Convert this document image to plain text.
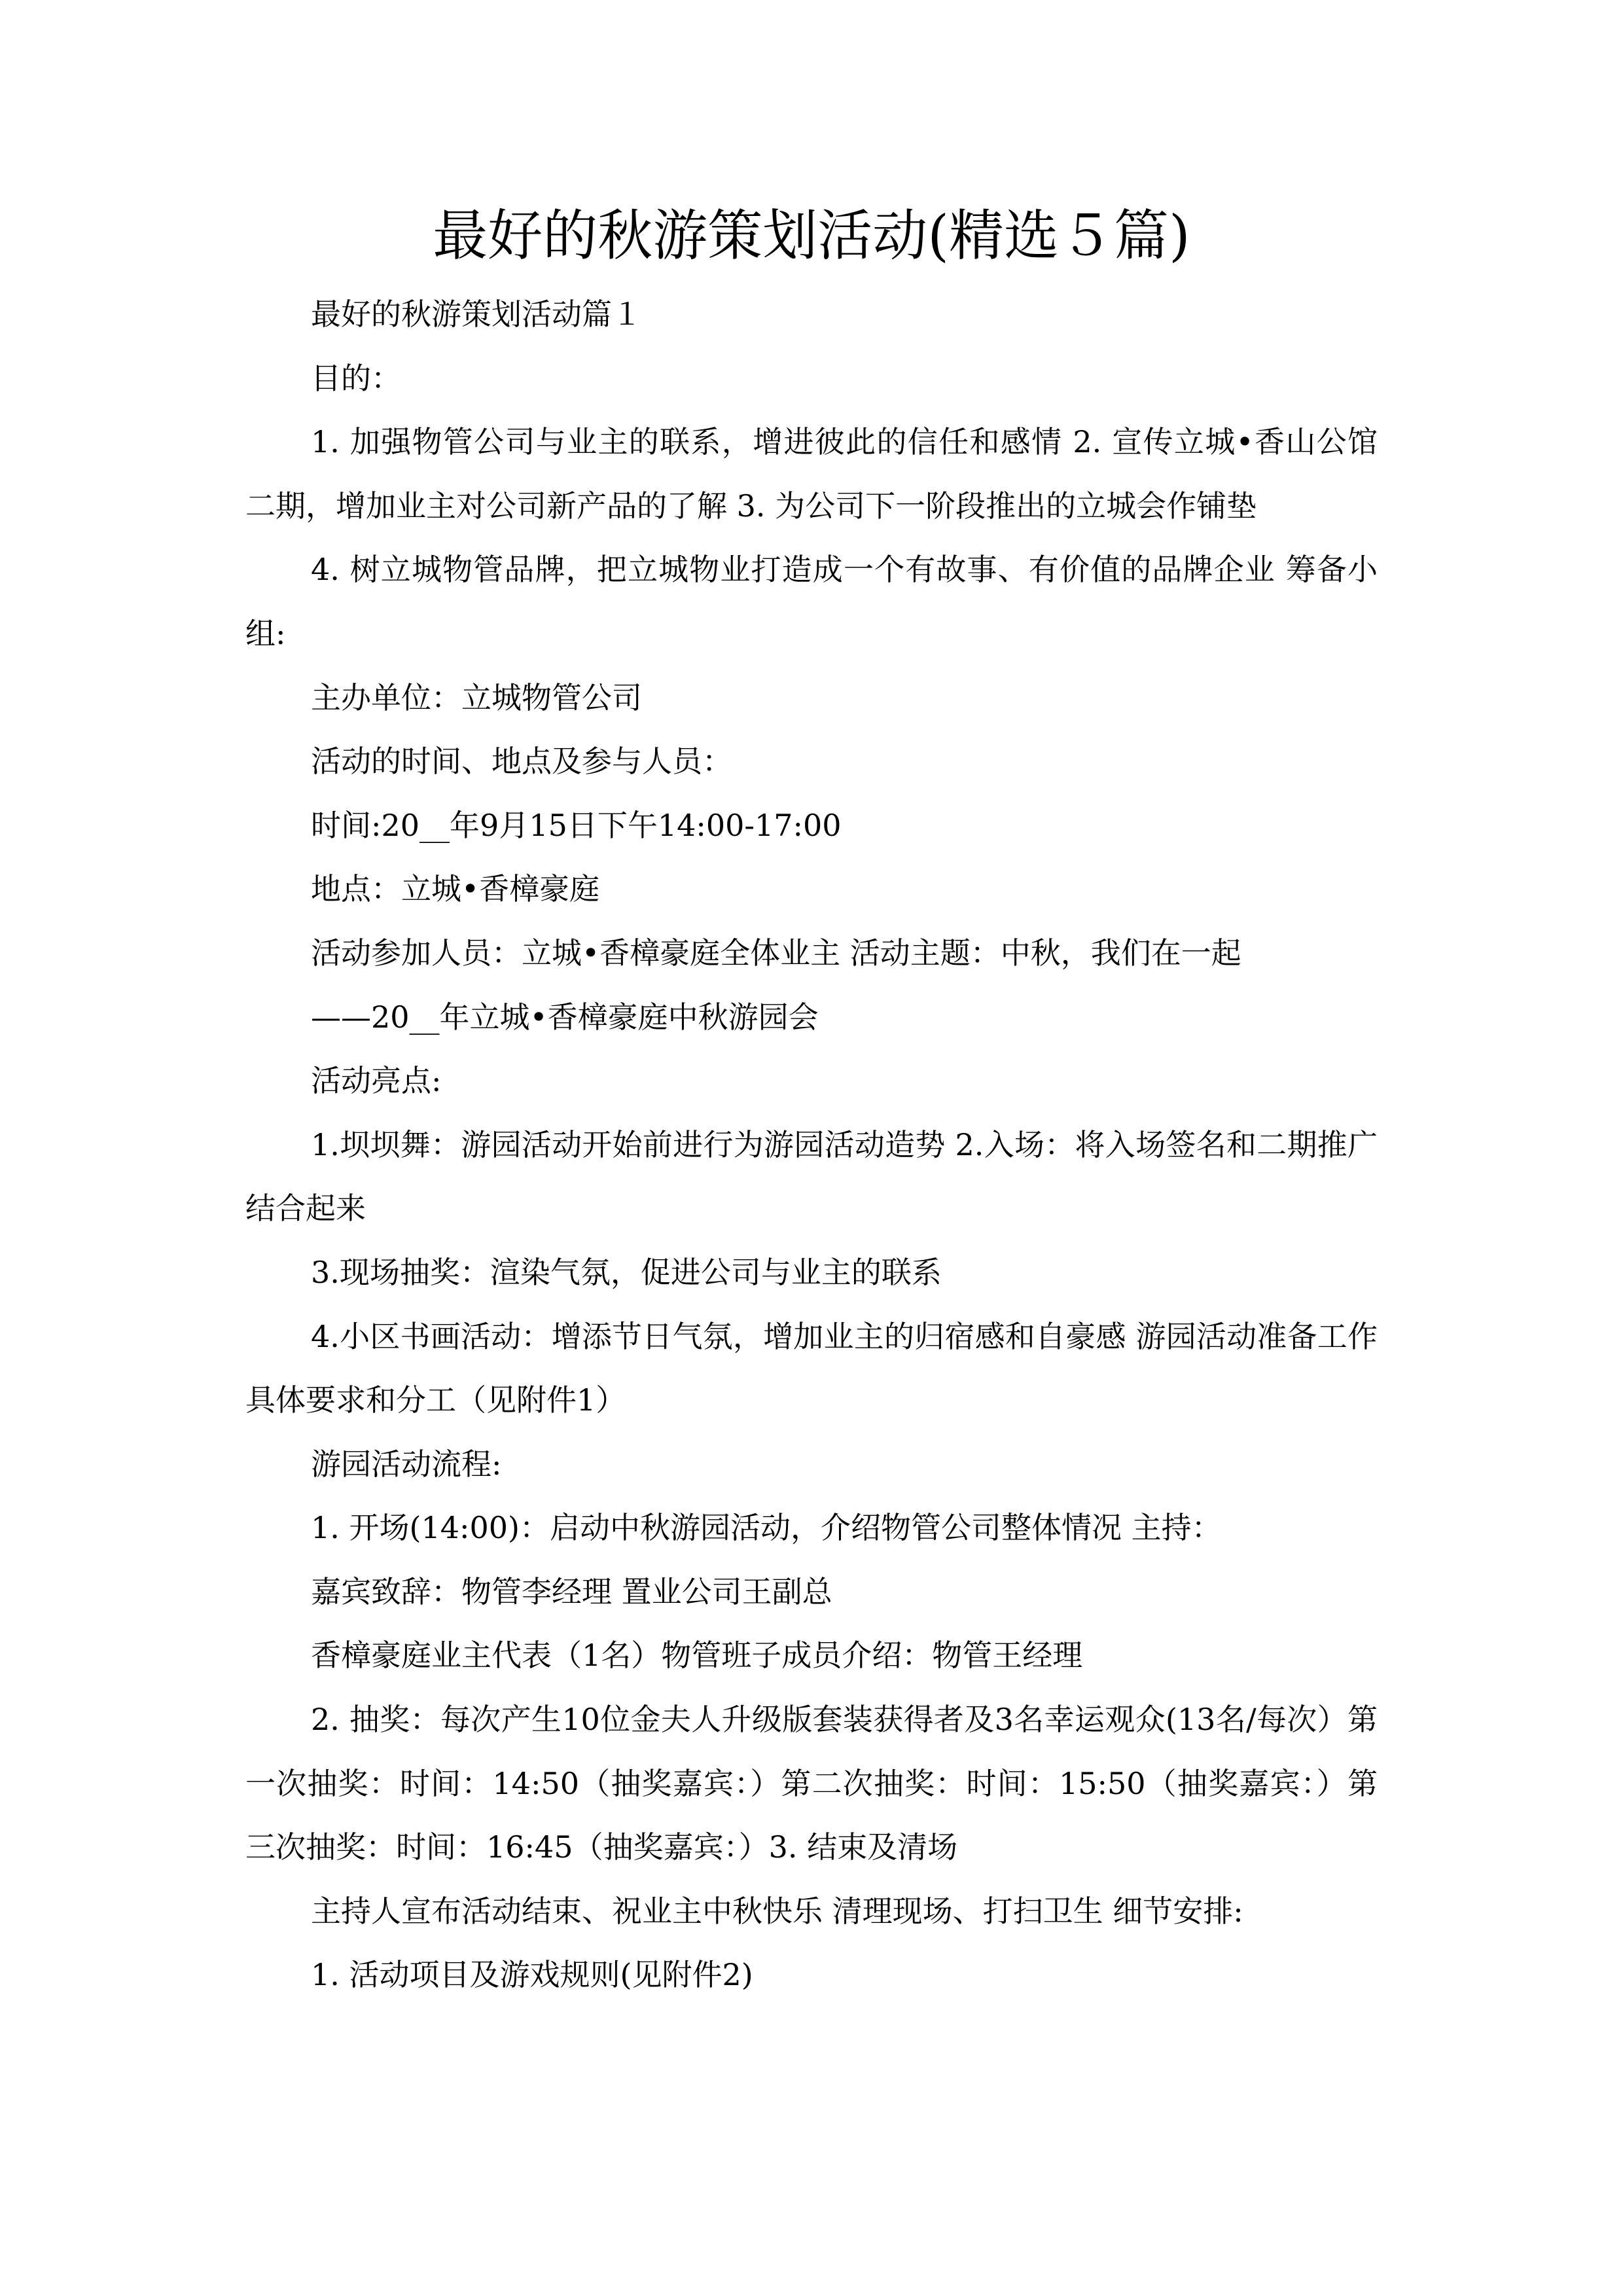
最好的秋游策划活动(精选５篇)

最好的秋游策划活动篇１

目的：

1. 加强物管公司与业主的联系，增进彼此的信任和感情 2. 宣传立城•香山公馆二期，增加业主对公司新产品的了解 3. 为公司下一阶段推出的立城会作铺垫

4. 树立城物管品牌，把立城物业打造成一个有故事、有价值的品牌企业 筹备小组:

主办单位：立城物管公司

活动的时间、地点及参与人员：

时间:20__年9月15日下午14:00-17:00

地点：立城•香樟豪庭

活动参加人员：立城•香樟豪庭全体业主 活动主题：中秋，我们在一起

——20__年立城•香樟豪庭中秋游园会

活动亮点:

1.坝坝舞：游园活动开始前进行为游园活动造势 2.入场：将入场签名和二期推广结合起来

3.现场抽奖：渲染气氛，促进公司与业主的联系

4.小区书画活动：增添节日气氛，增加业主的归宿感和自豪感 游园活动准备工作具体要求和分工（见附件1）

游园活动流程:

1. 开场(14:00)：启动中秋游园活动，介绍物管公司整体情况 主持：

嘉宾致辞：物管李经理 置业公司王副总

香樟豪庭业主代表（1名）物管班子成员介绍：物管王经理

2. 抽奖：每次产生10位金夫人升级版套装获得者及3名幸运观众(13名/每次）第一次抽奖：时间：14:50（抽奖嘉宾：）第二次抽奖：时间：15:50（抽奖嘉宾：）第三次抽奖：时间：16:45（抽奖嘉宾：）3. 结束及清场

主持人宣布活动结束、祝业主中秋快乐 清理现场、打扫卫生 细节安排:

1. 活动项目及游戏规则(见附件2)
